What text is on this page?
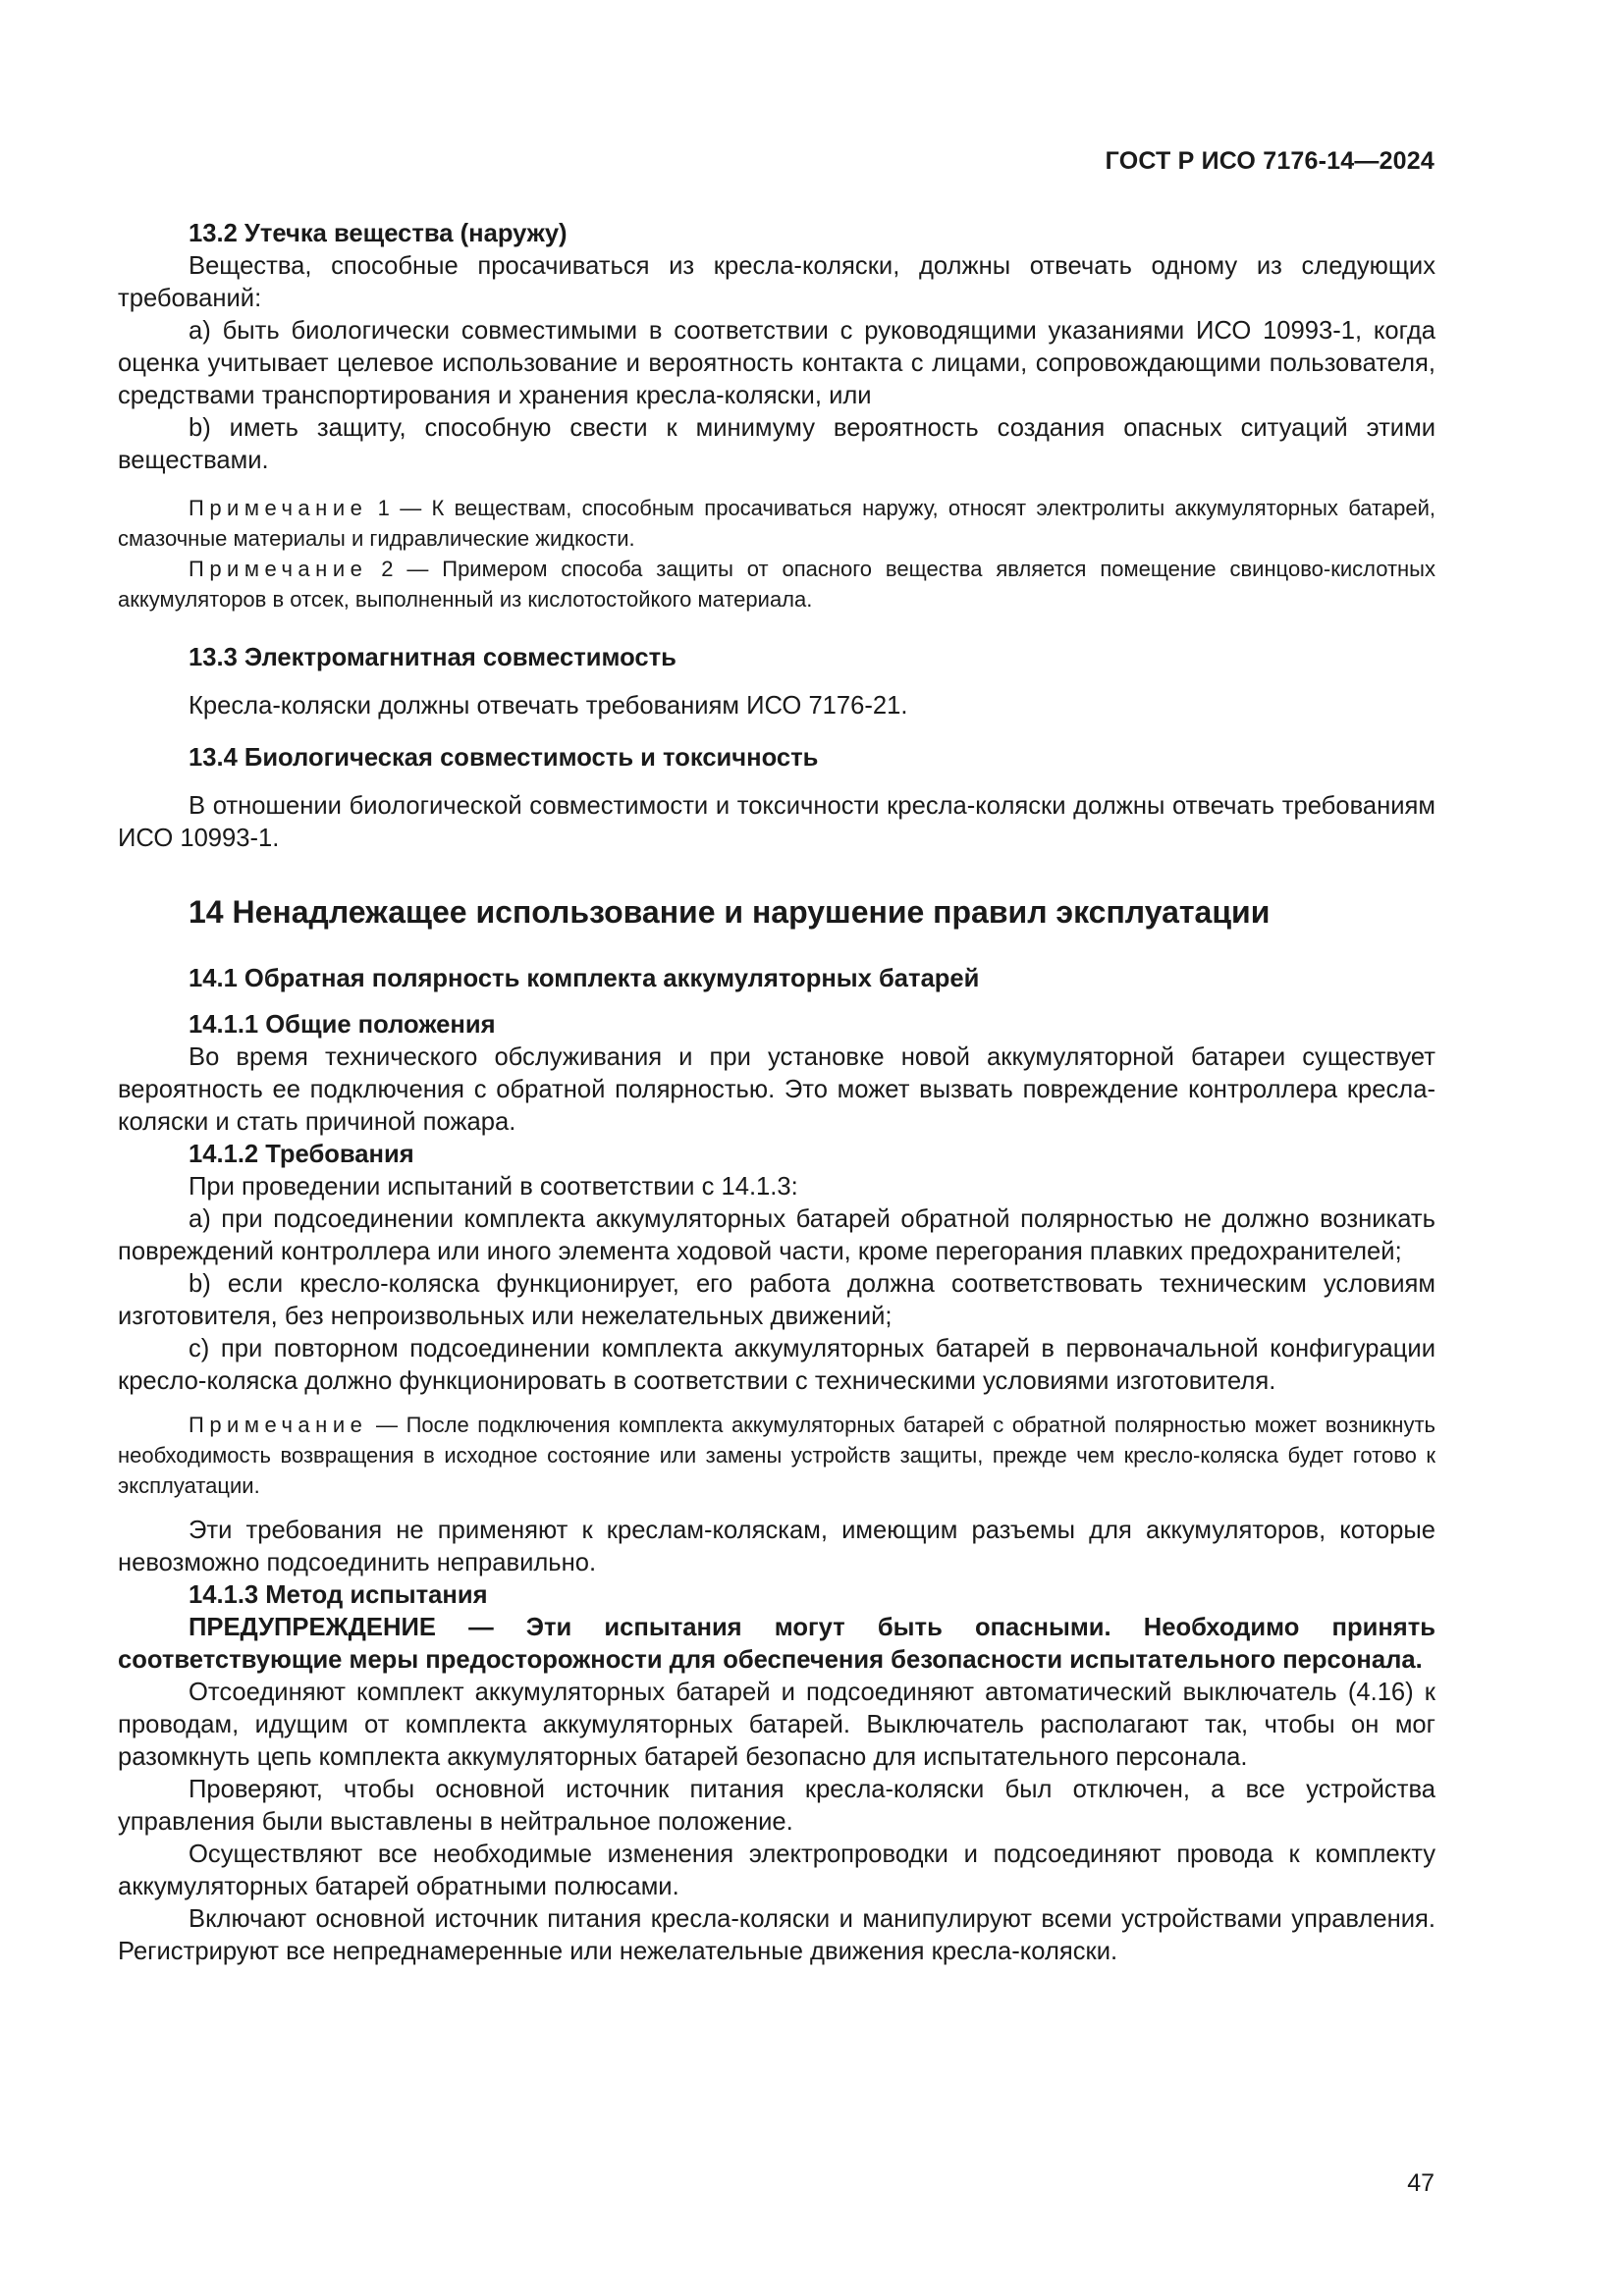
ГОСТ Р ИСО 7176-14—2024

13.2 Утечка вещества (наружу)

Вещества, способные просачиваться из кресла-коляски, должны отвечать одному из следующих требований:

a) быть биологически совместимыми в соответствии с руководящими указаниями ИСО 10993-1, когда оценка учитывает целевое использование и вероятность контакта с лицами, сопровождающими пользователя, средствами транспортирования и хранения кресла-коляски, или

b) иметь защиту, способную свести к минимуму вероятность создания опасных ситуаций этими веществами.

Примечание 1 — К веществам, способным просачиваться наружу, относят электролиты аккумуляторных батарей, смазочные материалы и гидравлические жидкости.

Примечание 2 — Примером способа защиты от опасного вещества является помещение свинцово-кислотных аккумуляторов в отсек, выполненный из кислотостойкого материала.

13.3 Электромагнитная совместимость

Кресла-коляски должны отвечать требованиям ИСО 7176-21.

13.4 Биологическая совместимость и токсичность

В отношении биологической совместимости и токсичности кресла-коляски должны отвечать требованиям ИСО 10993-1.

14 Ненадлежащее использование и нарушение правил эксплуатации

14.1 Обратная полярность комплекта аккумуляторных батарей

14.1.1 Общие положения

Во время технического обслуживания и при установке новой аккумуляторной батареи существует вероятность ее подключения с обратной полярностью. Это может вызвать повреждение контроллера кресла-коляски и стать причиной пожара.

14.1.2 Требования

При проведении испытаний в соответствии с 14.1.3:

a) при подсоединении комплекта аккумуляторных батарей обратной полярностью не должно возникать повреждений контроллера или иного элемента ходовой части, кроме перегорания плавких предохранителей;

b) если кресло-коляска функционирует, его работа должна соответствовать техническим условиям изготовителя, без непроизвольных или нежелательных движений;

c) при повторном подсоединении комплекта аккумуляторных батарей в первоначальной конфигурации кресло-коляска должно функционировать в соответствии с техническими условиями изготовителя.

Примечание — После подключения комплекта аккумуляторных батарей с обратной полярностью может возникнуть необходимость возвращения в исходное состояние или замены устройств защиты, прежде чем кресло-коляска будет готово к эксплуатации.

Эти требования не применяют к креслам-коляскам, имеющим разъемы для аккумуляторов, которые невозможно подсоединить неправильно.

14.1.3 Метод испытания

ПРЕДУПРЕЖДЕНИЕ — Эти испытания могут быть опасными. Необходимо принять соответствующие меры предосторожности для обеспечения безопасности испытательного персонала.

Отсоединяют комплект аккумуляторных батарей и подсоединяют автоматический выключатель (4.16) к проводам, идущим от комплекта аккумуляторных батарей. Выключатель располагают так, чтобы он мог разомкнуть цепь комплекта аккумуляторных батарей безопасно для испытательного персонала.

Проверяют, чтобы основной источник питания кресла-коляски был отключен, а все устройства управления были выставлены в нейтральное положение.

Осуществляют все необходимые изменения электропроводки и подсоединяют провода к комплекту аккумуляторных батарей обратными полюсами.

Включают основной источник питания кресла-коляски и манипулируют всеми устройствами управления. Регистрируют все непреднамеренные или нежелательные движения кресла-коляски.

47
